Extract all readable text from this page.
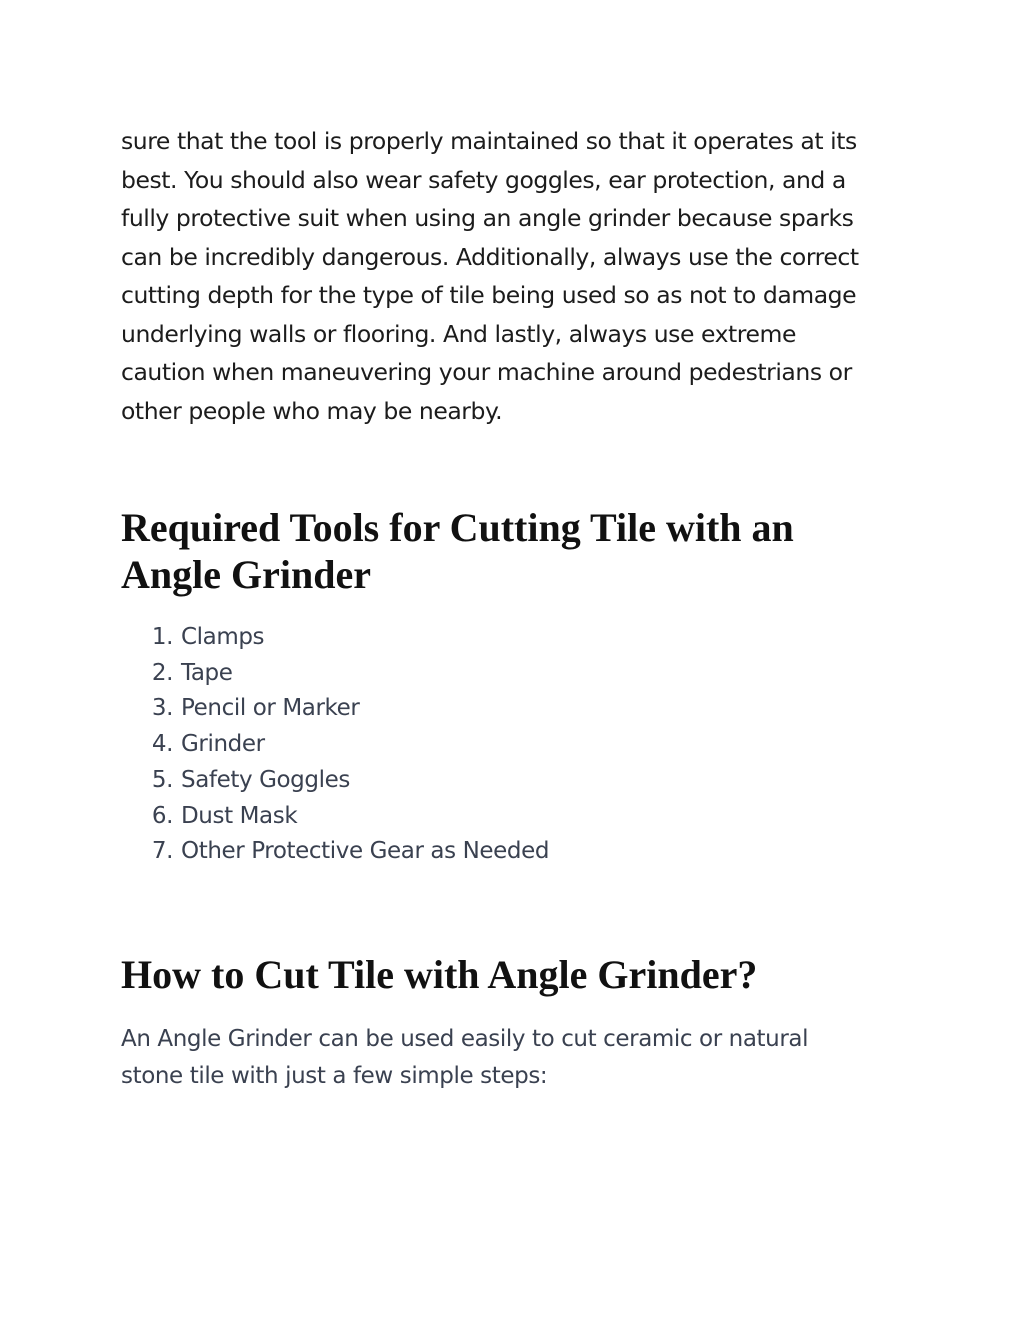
sure that the tool is properly maintained so that it operates at its
best. You should also wear safety goggles, ear protection, and a
fully protective suit when using an angle grinder because sparks
can be incredibly dangerous. Additionally, always use the correct
cutting depth for the type of tile being used so as not to damage
underlying walls or flooring. And lastly, always use extreme
caution when maneuvering your machine around pedestrians or
other people who may be nearby.

Required Tools for Cutting Tile with an
Angle Grinder
1. Clamps
2. Tape
3. Pencil or Marker
4. Grinder
5. Safety Goggles
6. Dust Mask
7. Other Protective Gear as Needed
How to Cut Tile with Angle Grinder?

An Angle Grinder can be used easily to cut ceramic or natural
stone tile with just a few simple steps:
